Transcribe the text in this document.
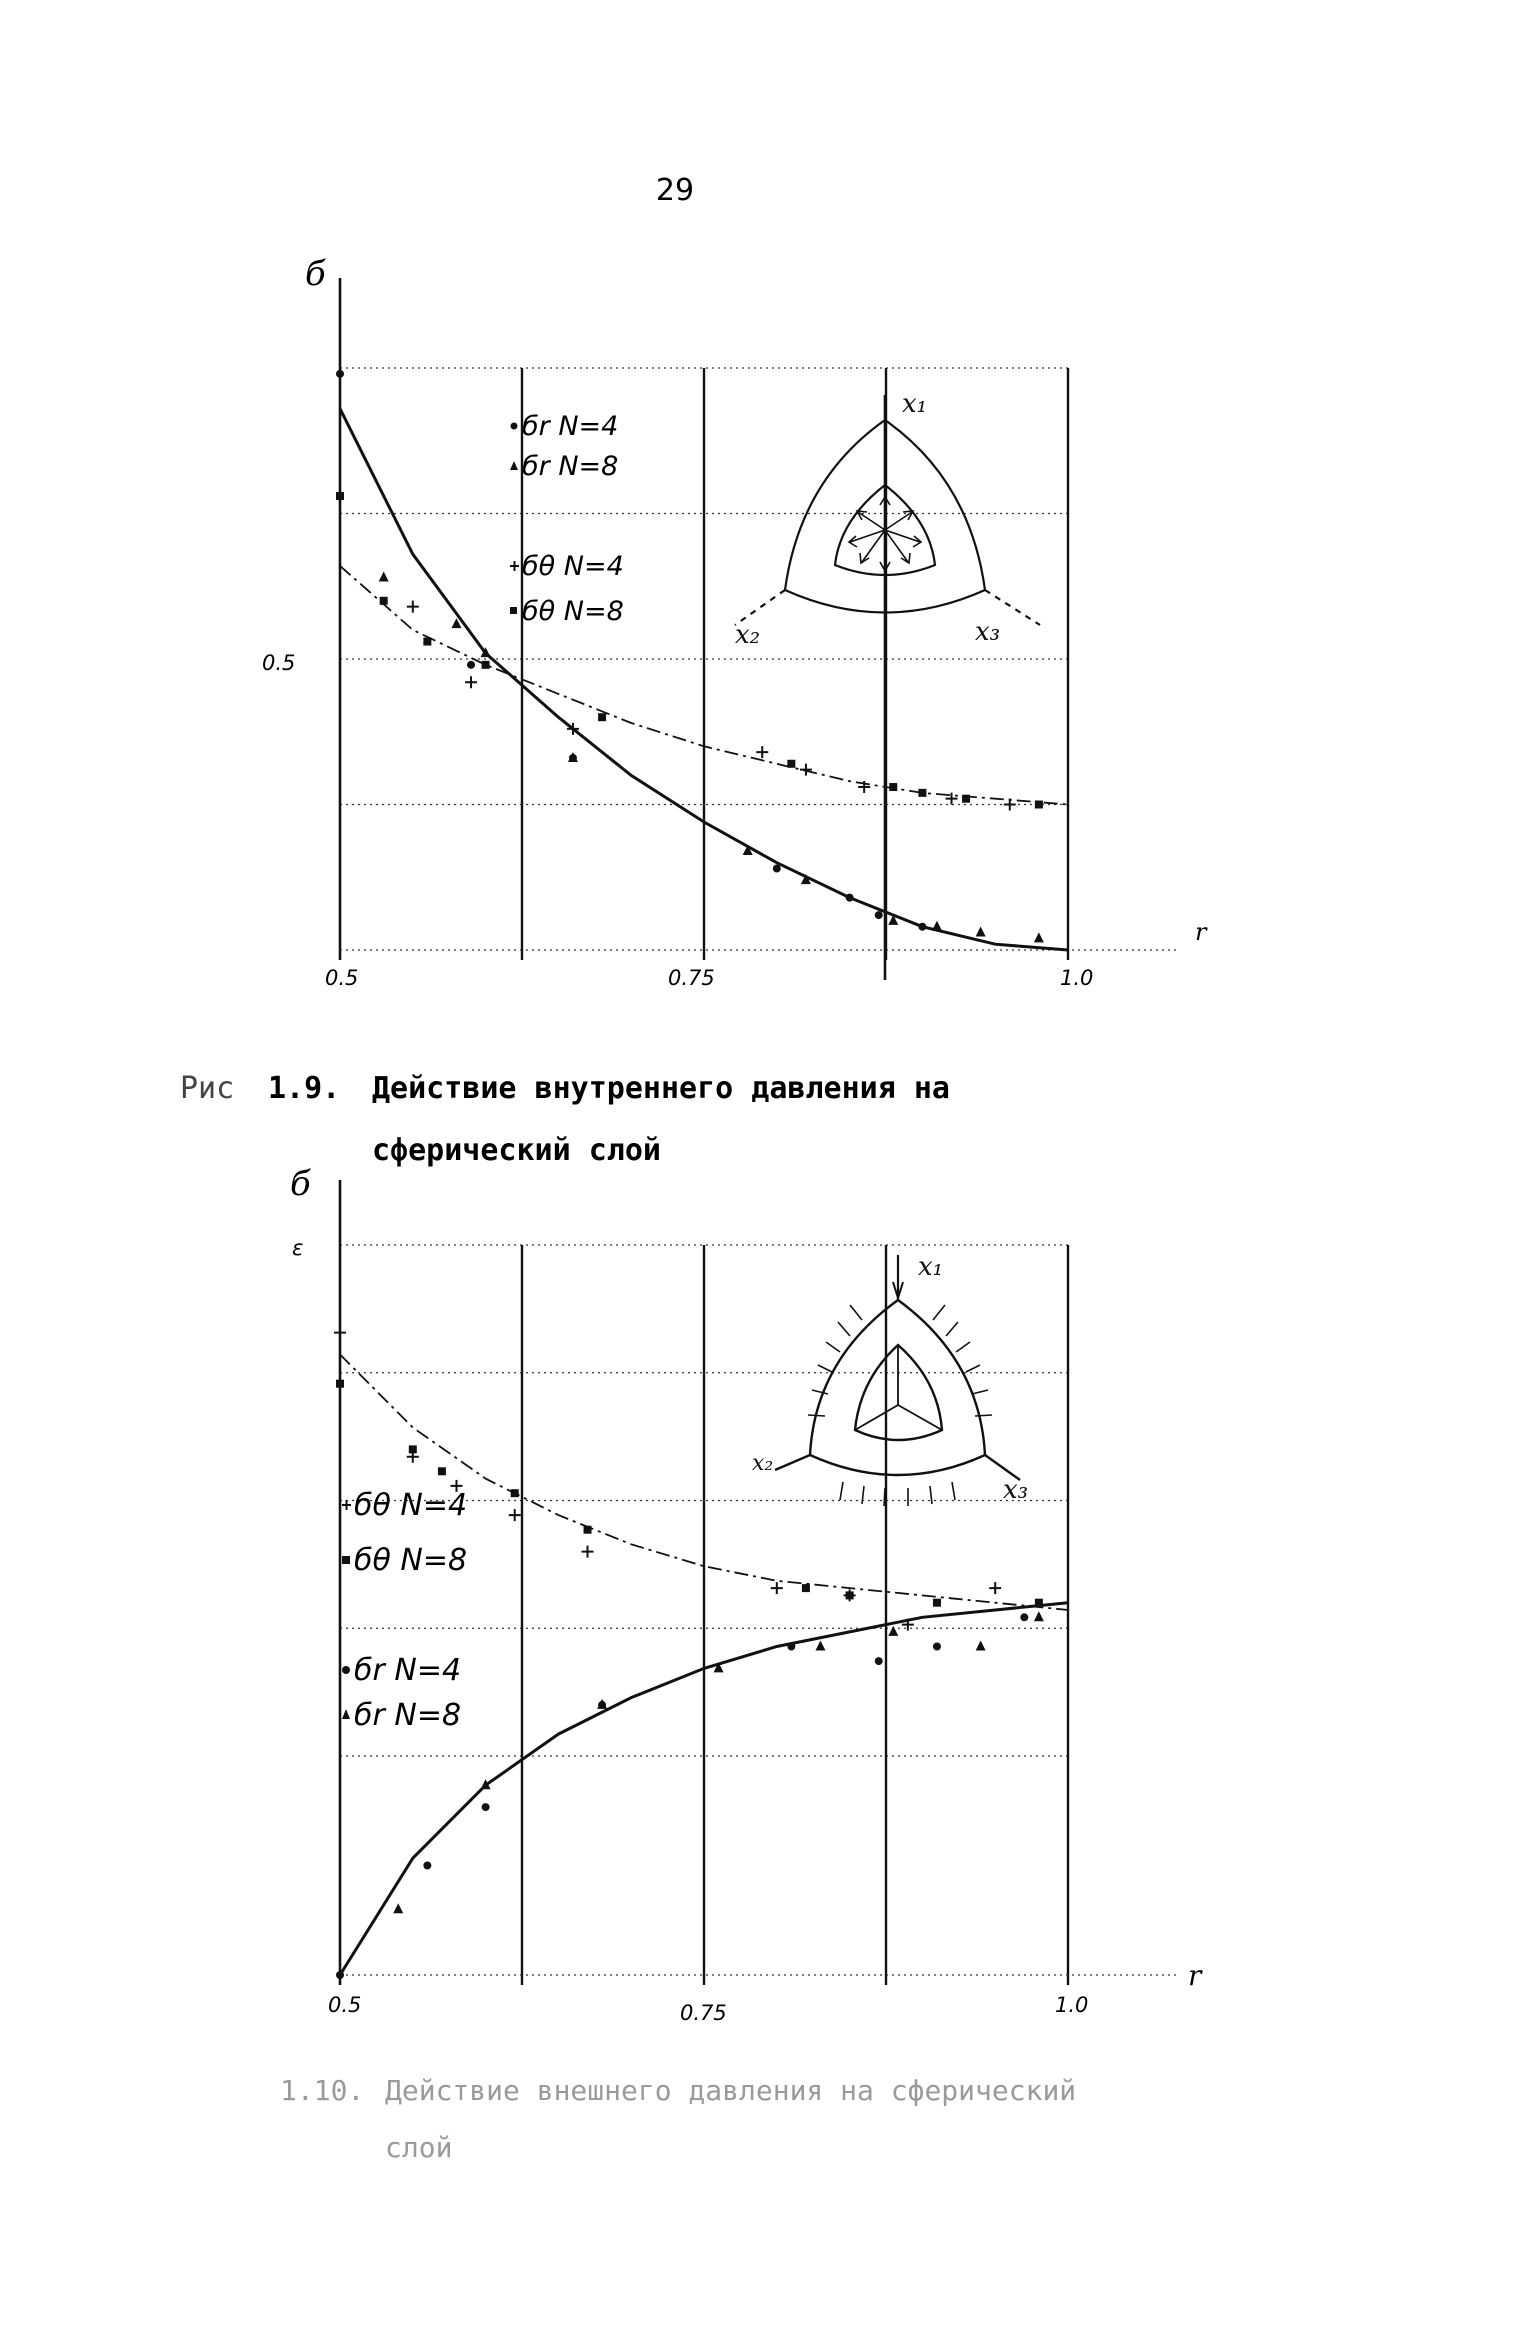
29
б
r
0.5
0.5	0.75	1.0
бr N=4
бr N=8
бθ N=4
бθ N=8
x₁
x₂	x₃
Рис 1.9. Действие внутреннего давления на
сферический слой
б
r
ε
0.5	0.75	1.0
бθ N=4
бθ N=8
бr N=4
бr N=8
x₁
x₂
x₃
1.10. Действие внешнего давления на сферический
слой
